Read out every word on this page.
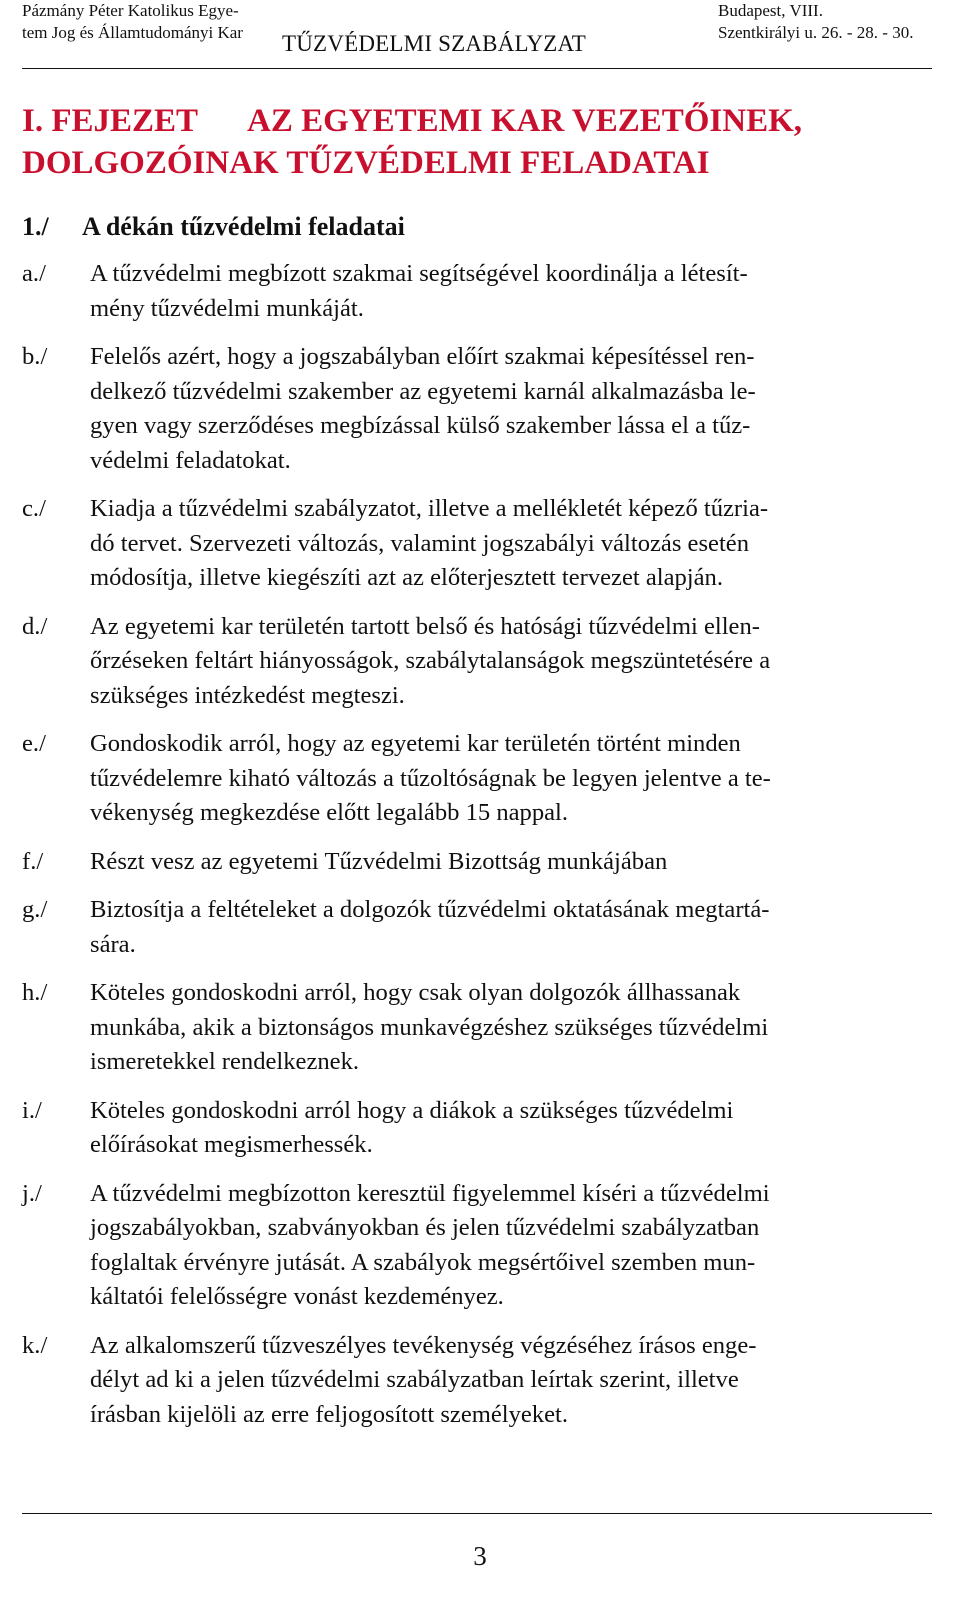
Pázmány Péter Katolikus Egye-
tem Jog és Államtudományi Kar TŰZVÉDELMI SZABÁLYZAT
Budapest, VIII.
Szentkirályi u. 26. - 28. - 30.
I. FEJEZET AZ EGYETEMI KAR VEZETŐINEK,
DOLGOZÓINAK TŰZVÉDELMI FELADATAI
1./ A dékán tűzvédelmi feladatai
a./	A tűzvédelmi megbízott szakmai segítségével koordinálja a létesít-
mény tűzvédelmi munkáját.
b./	Felelős azért, hogy a jogszabályban előírt szakmai képesítéssel ren-
delkező tűzvédelmi szakember az egyetemi karnál alkalmazásba le-
gyen vagy szerződéses megbízással külső szakember lássa el a tűz-
védelmi feladatokat.
c./	Kiadja a tűzvédelmi szabályzatot, illetve a mellékletét képező tűzria-
dó tervet. Szervezeti változás, valamint jogszabályi változás esetén
módosítja, illetve kiegészíti azt az előterjesztett tervezet alapján.
d./	Az egyetemi kar területén tartott belső és hatósági tűzvédelmi ellen-
őrzéseken feltárt hiányosságok, szabálytalanságok megszüntetésére a
szükséges intézkedést megteszi.
e./	Gondoskodik arról, hogy az egyetemi kar területén történt minden
tűzvédelemre kiható változás a tűzoltóságnak be legyen jelentve a te-
vékenység megkezdése előtt legalább 15 nappal.
f./	Részt vesz az egyetemi Tűzvédelmi Bizottság munkájában
g./	Biztosítja a feltételeket a dolgozók tűzvédelmi oktatásának megtartá-
sára.
h./	Köteles gondoskodni arról, hogy csak olyan dolgozók állhassanak
munkába, akik a biztonságos munkavégzéshez szükséges tűzvédelmi
ismeretekkel rendelkeznek.
i./	Köteles gondoskodni arról hogy a diákok a szükséges tűzvédelmi
előírásokat megismerhessék.
j./	A tűzvédelmi megbízotton keresztül figyelemmel kíséri a tűzvédelmi
jogszabályokban, szabványokban és jelen tűzvédelmi szabályzatban
foglaltak érvényre jutását. A szabályok megsértőivel szemben mun-
káltatói felelősségre vonást kezdeményez.
k./	Az alkalomszerű tűzveszélyes tevékenység végzéséhez írásos enge-
délyt ad ki a jelen tűzvédelmi szabályzatban leírtak szerint, illetve
írásban kijelöli az erre feljogosított személyeket.
3
